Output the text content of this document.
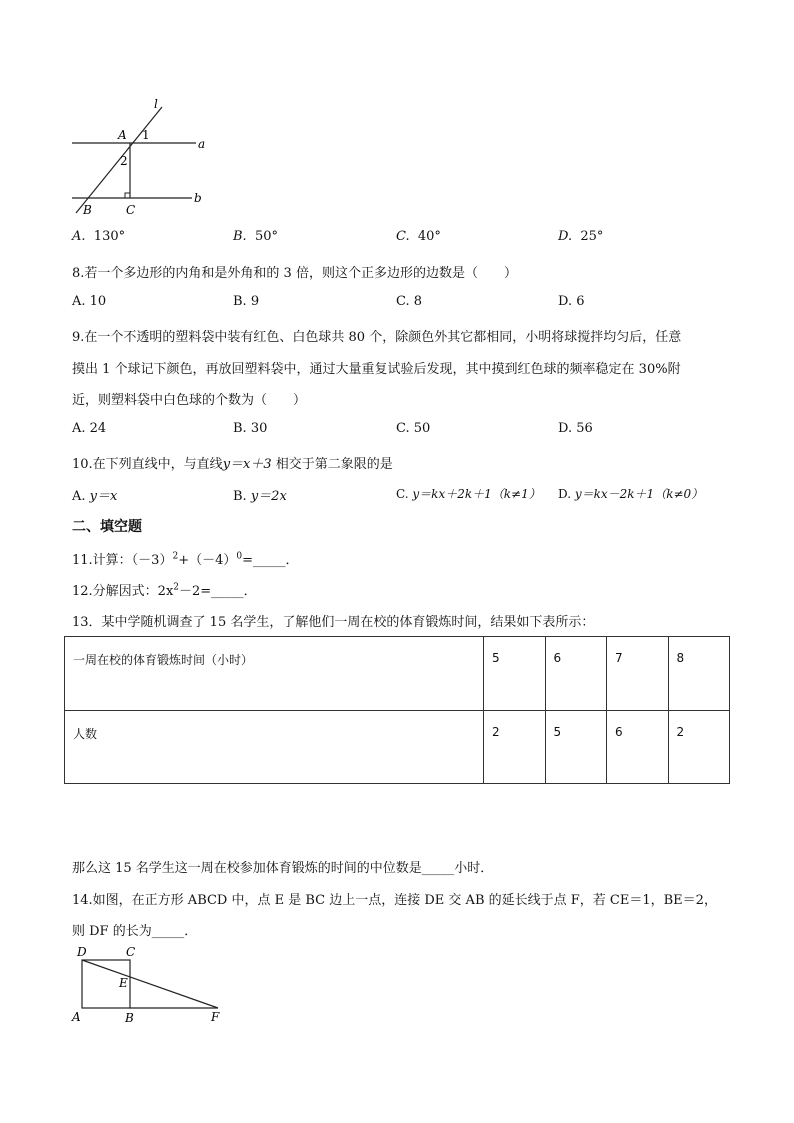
l
A 1
a
2
b
B	C
A. 130°	B. 50°	C. 40°	D. 25°
8.若一个多边形的内角和是外角和的 3 倍，则这个正多边形的边数是（　　）
A. 10	B. 9	C. 8	D. 6
9.在一个不透明的塑料袋中装有红色、白色球共 80 个，除颜色外其它都相同，小明将球搅拌均匀后，任意
摸出 1 个球记下颜色，再放回塑料袋中，通过大量重复试验后发现，其中摸到红色球的频率稳定在 30%附
近，则塑料袋中白色球的个数为（　　）
A. 24	B. 30	C. 50	D. 56
10.在下列直线中，与直线y＝x＋3 相交于第二象限的是
A. y＝x	B. y＝2x	C. y＝kx＋2k＋1（k≠1） D. y＝kx－2k＋1（k≠0）
二、填空题
11.计算：$(-3)^2+(-4)^0=\_\_\_\_\_$．
12.分解因式：$2x^2-2=\_\_\_\_\_$．
13．某中学随机调查了 15 名学生，了解他们一周在校的体育锻炼时间，结果如下表所示：
一周在校的体育锻炼时间（小时）	5	6	7	8
人数	2	5	6	2
那么这 15 名学生这一周在校参加体育锻炼的时间的中位数是_____小时．
14.如图，在正方形 ABCD 中，点 E 是 BC 边上一点，连接 DE 交 AB 的延长线于点 F，若 CE＝1，BE＝2，
则 DF 的长为_____．
D	C
E
A	B	F
